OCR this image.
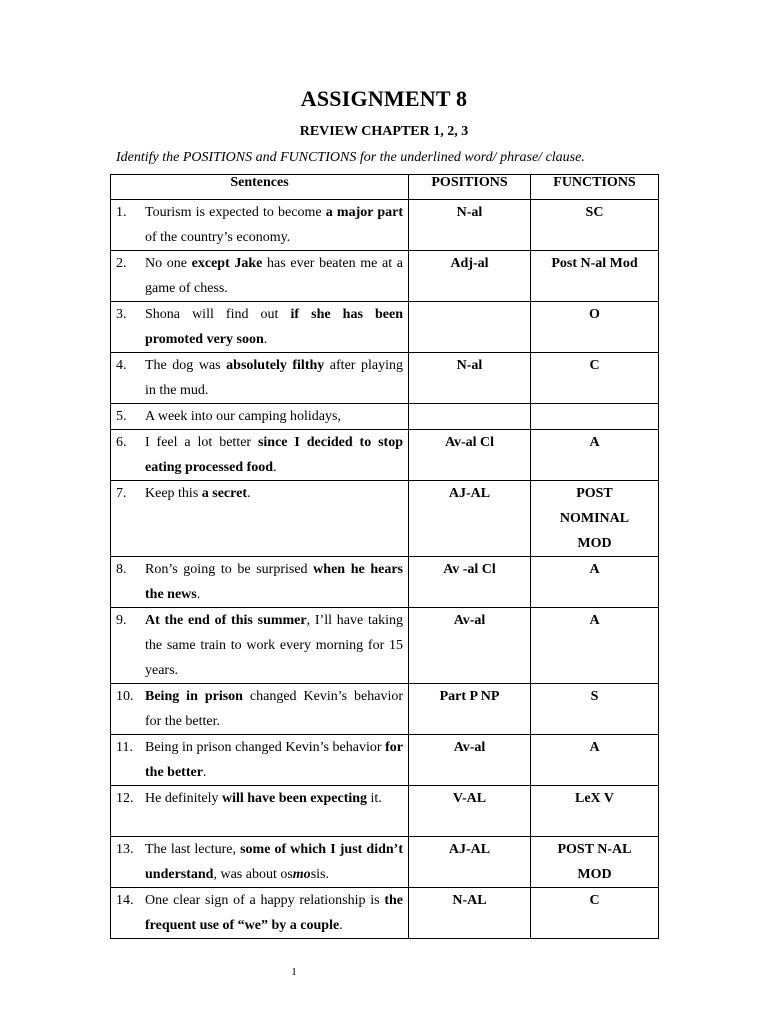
ASSIGNMENT 8
REVIEW CHAPTER 1, 2, 3
Identify the POSITIONS and FUNCTIONS for the underlined word/ phrase/ clause.
Sentences	POSITIONS	FUNCTIONS

1. Tourism is expected to become a major part of the country’s economy.	N-al	SC

2. No one except Jake has ever beaten me at a game of chess.	Adj-al	Post N-al Mod

3. Shona will find out if she has been promoted very soon.		O

4. The dog was absolutely filthy after playing in the mud.	N-al	C

5. A week into our camping holidays,		

6. I feel a lot better since I decided to stop eating processed food.	Av-al Cl	A

7. Keep this a secret.	AJ-AL	POST NOMINAL MOD

8. Ron’s going to be surprised when he hears the news.	Av -al Cl	A

9. At the end of this summer, I’ll have taking the same train to work every morning for 15 years.	Av-al	A

10. Being in prison changed Kevin’s behavior for the better.	Part P NP	S

11. Being in prison changed Kevin’s behavior for the better.	Av-al	A

12. He definitely will have been expecting it.	V-AL	LeX V

13. The last lecture, some of which I just didn’t understand, was about osmosis.	AJ-AL	POST N-AL MOD

14. One clear sign of a happy relationship is the frequent use of “we” by a couple.	N-AL	C
1
